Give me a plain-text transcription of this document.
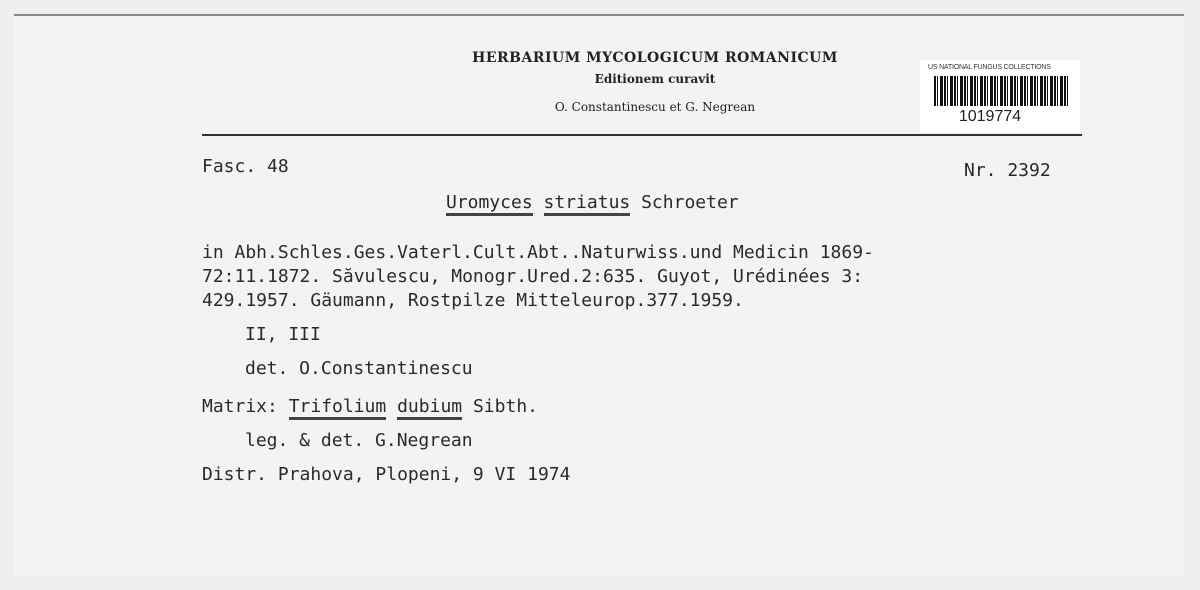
HERBARIUM MYCOLOGICUM ROMANICUM
Editionem curavit
O. Constantinescu et G. Negrean
US NATIONAL FUNGUS COLLECTIONS
1019774
Fasc. 48	Nr. 2392
Uromyces striatus Schroeter
in Abh.Schles.Ges.Vaterl.Cult.Abt..Naturwiss.und Medicin 1869-
72:11.1872. Săvulescu, Monogr.Ured.2:635. Guyot, Urédinées 3:
429.1957. Gäumann, Rostpilze Mitteleurop.377.1959.
II, III
det. O.Constantinescu
Matrix: Trifolium dubium Sibth.
leg. & det. G.Negrean
Distr. Prahova, Plopeni, 9 VI 1974
